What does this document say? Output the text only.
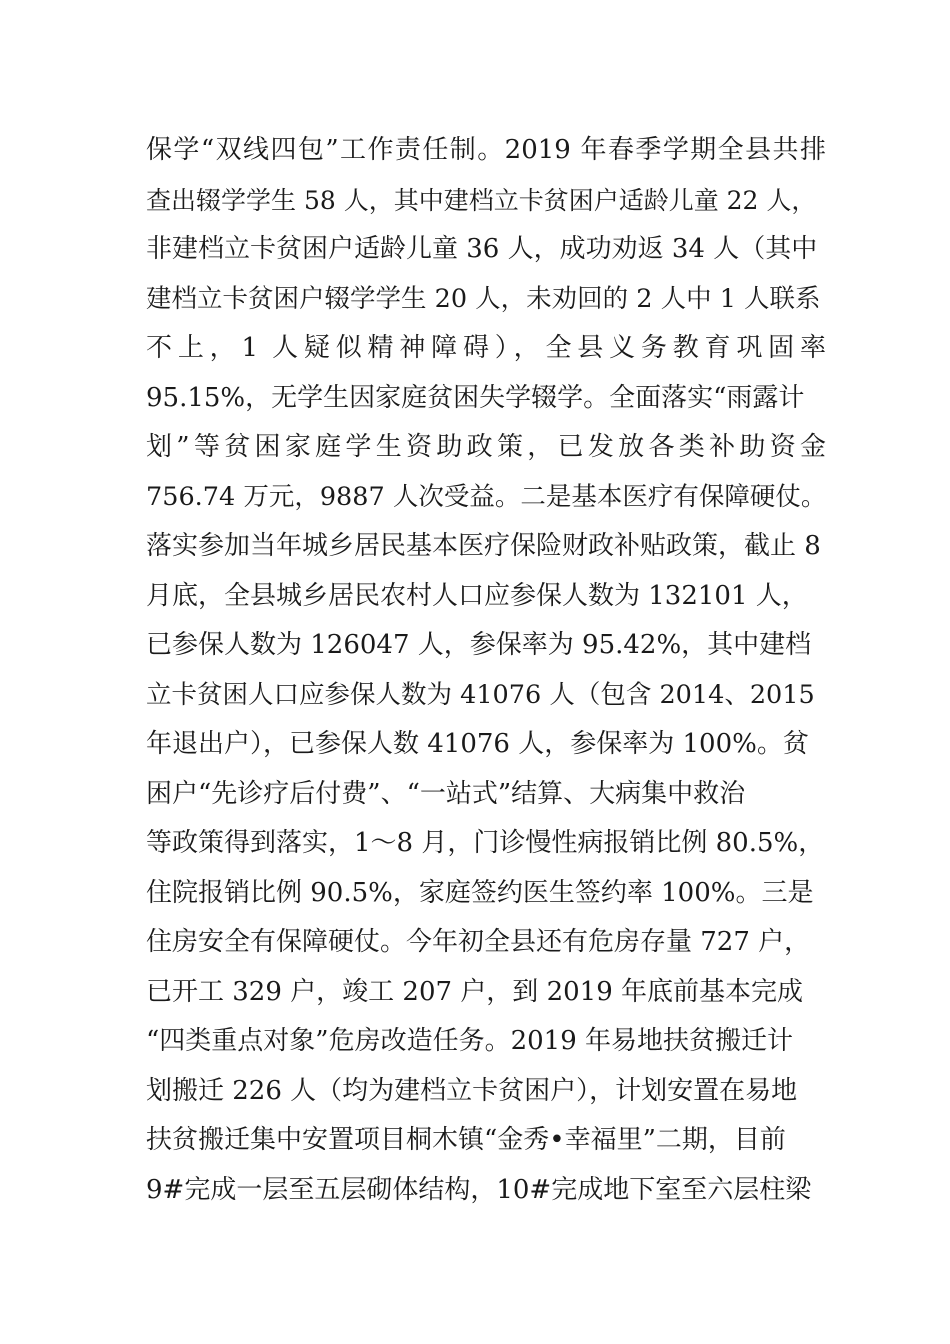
保学“双线四包”工作责任制。2019 年春季学期全县共排
查出辍学学生 58 人，其中建档立卡贫困户适龄儿童 22 人，
非建档立卡贫困户适龄儿童 36 人，成功劝返 34 人（其中
建档立卡贫困户辍学学生 20 人，未劝回的 2 人中 1 人联系
不上，1 人疑似精神障碍），全县义务教育巩固率
95.15%，无学生因家庭贫困失学辍学。全面落实“雨露计
划”等贫困家庭学生资助政策，已发放各类补助资金
756.74 万元，9887 人次受益。二是基本医疗有保障硬仗。
落实参加当年城乡居民基本医疗保险财政补贴政策，截止 8
月底，全县城乡居民农村人口应参保人数为 132101 人，
已参保人数为 126047 人，参保率为 95.42%，其中建档
立卡贫困人口应参保人数为 41076 人（包含 2014、2015
年退出户），已参保人数 41076 人，参保率为 100%。贫
困户“先诊疗后付费”、“一站式”结算、大病集中救治
等政策得到落实，1～8 月，门诊慢性病报销比例 80.5%，
住院报销比例 90.5%，家庭签约医生签约率 100%。三是
住房安全有保障硬仗。今年初全县还有危房存量 727 户，
已开工 329 户，竣工 207 户，到 2019 年底前基本完成
“四类重点对象”危房改造任务。2019 年易地扶贫搬迁计
划搬迁 226 人（均为建档立卡贫困户），计划安置在易地
扶贫搬迁集中安置项目桐木镇“金秀•幸福里”二期，目前
9#完成一层至五层砌体结构，10#完成地下室至六层柱梁
